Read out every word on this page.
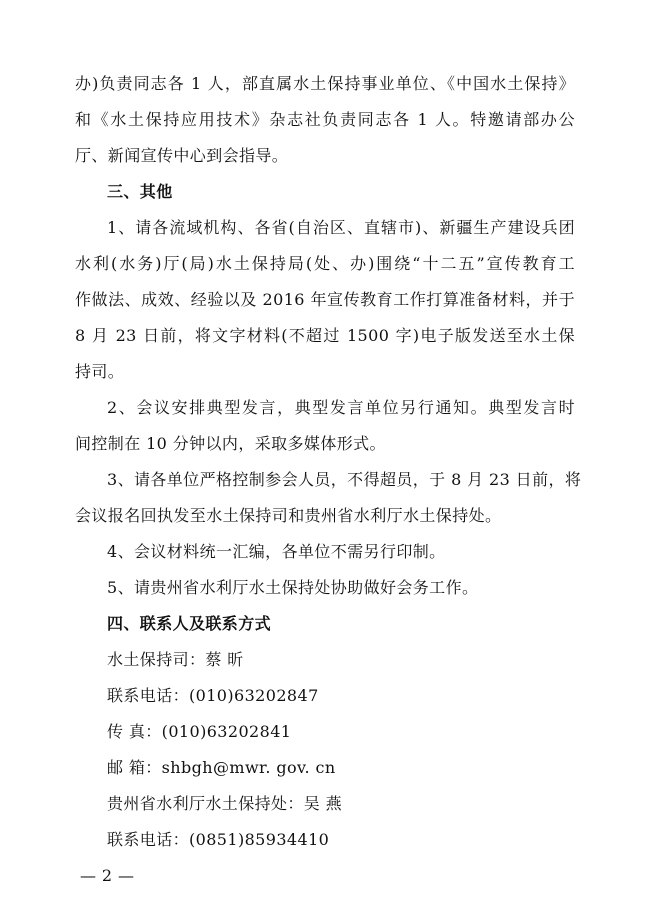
办)负责同志各 1 人，部直属水土保持事业单位、《中国水土保持》
和《水土保持应用技术》杂志社负责同志各 1 人。特邀请部办公
厅、新闻宣传中心到会指导。
三、其他
1、请各流域机构、各省(自治区、直辖市)、新疆生产建设兵团
水利(水务)厅(局)水土保持局(处、办)围绕“十二五”宣传教育工
作做法、成效、经验以及 2016 年宣传教育工作打算准备材料，并于
8 月 23 日前，将文字材料(不超过 1500 字)电子版发送至水土保
持司。
2、会议安排典型发言，典型发言单位另行通知。典型发言时
间控制在 10 分钟以内，采取多媒体形式。
3、请各单位严格控制参会人员，不得超员，于 8 月 23 日前，将
会议报名回执发至水土保持司和贵州省水利厅水土保持处。
4、会议材料统一汇编，各单位不需另行印制。
5、请贵州省水利厅水土保持处协助做好会务工作。
四、联系人及联系方式
水土保持司：蔡 昕
联系电话：(010)63202847
传 真：(010)63202841
邮 箱：shbgh@mwr. gov. cn
贵州省水利厅水土保持处：吴 燕
联系电话：(0851)85934410
— 2 —
